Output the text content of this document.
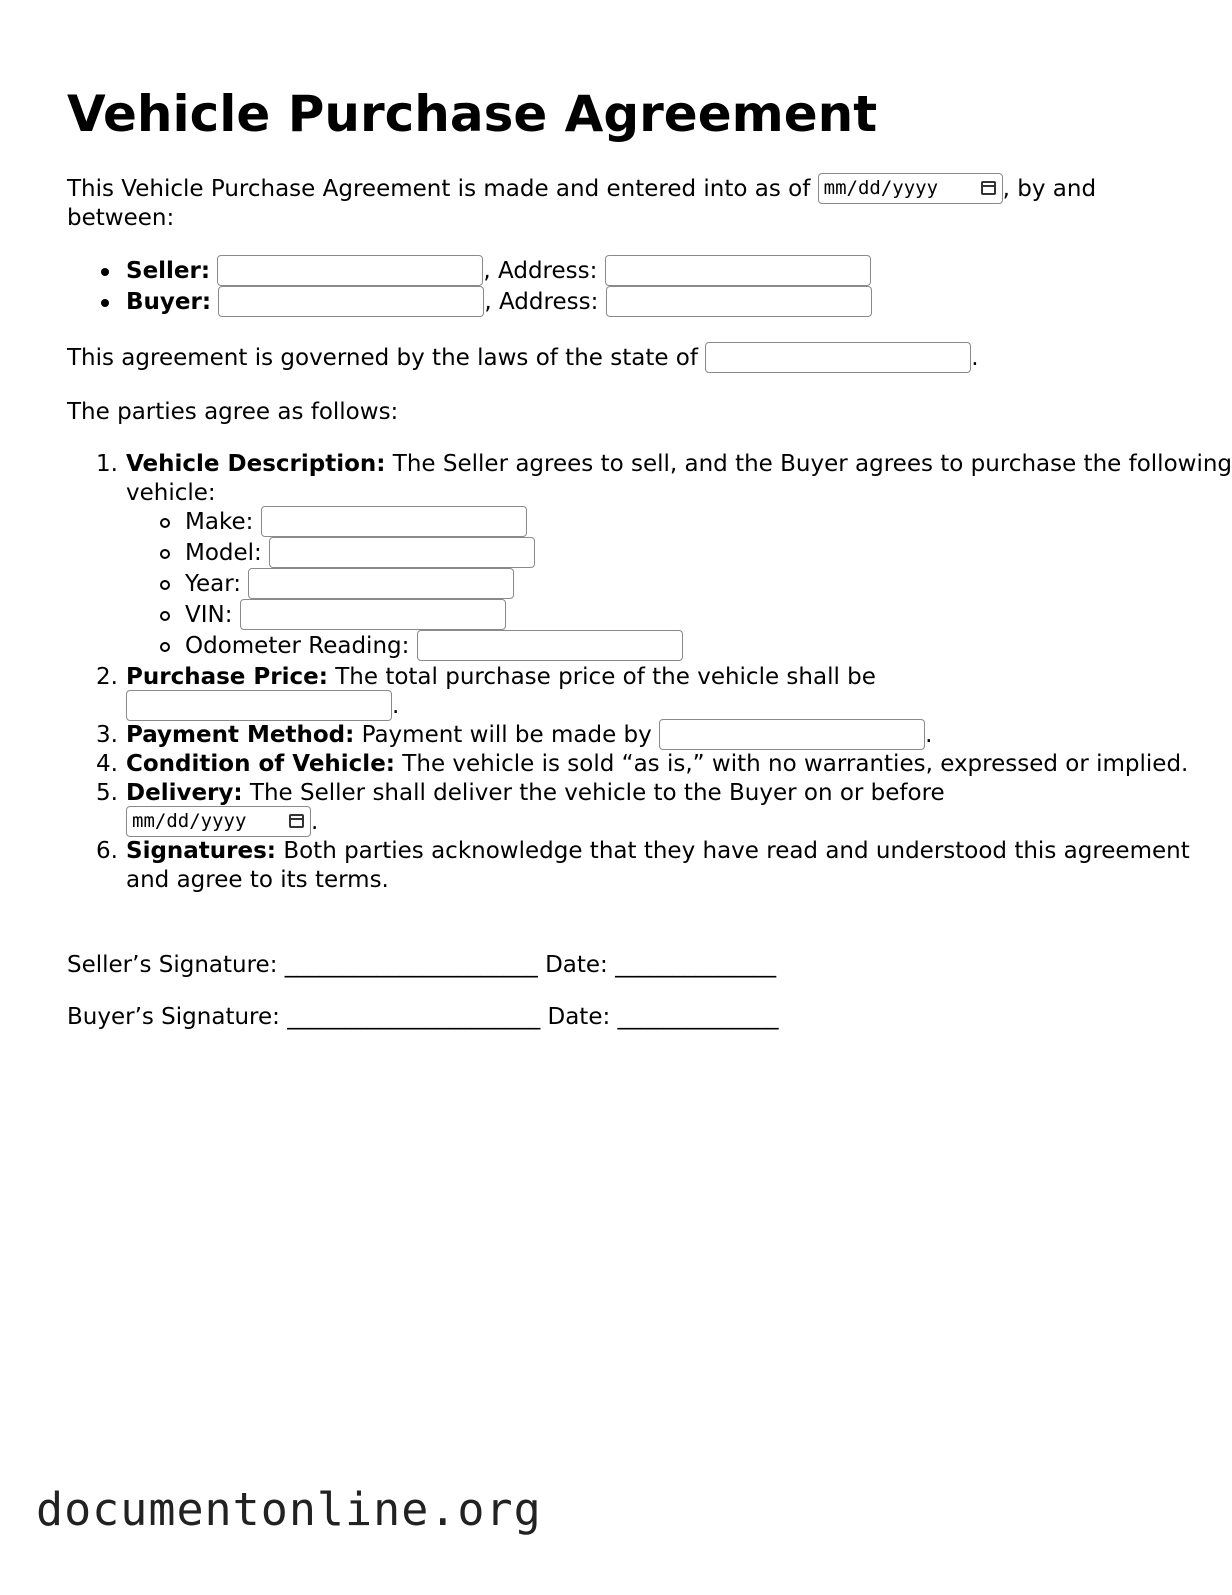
Vehicle Purchase Agreement

This Vehicle Purchase Agreement is made and entered into as of mm/dd/yyyy	, by and between:

Seller:	, Address:
Buyer:	, Address:

This agreement is governed by the laws of the state of	.

The parties agree as follows:

1. Vehicle Description: The Seller agrees to sell, and the Buyer agrees to purchase the following vehicle:
Make:
Model:
Year:
VIN:
Odometer Reading:
2. Purchase Price: The total purchase price of the vehicle shall be
.
3. Payment Method: Payment will be made by	.
4. Condition of Vehicle: The vehicle is sold “as is,” with no warranties, expressed or implied.
5. Delivery: The Seller shall deliver the vehicle to the Buyer on or before
mm/dd/yyyy	.
6. Signatures: Both parties acknowledge that they have read and understood this agreement and agree to its terms.

Seller’s Signature: ______________________ Date: ______________

Buyer’s Signature: ______________________ Date: ______________

documentonline.org
